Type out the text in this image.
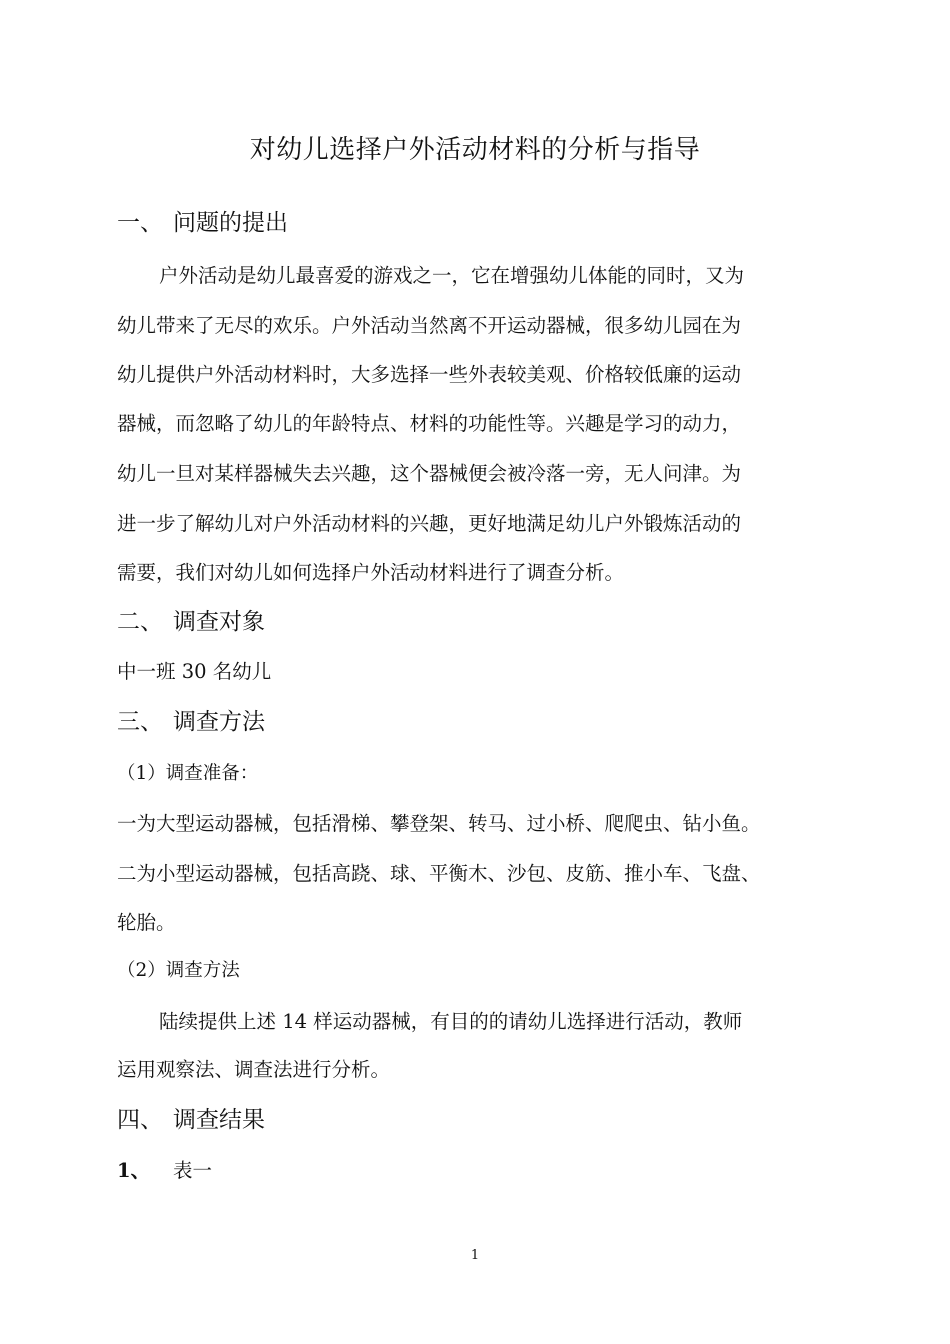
对幼儿选择户外活动材料的分析与指导
一、 问题的提出
户外活动是幼儿最喜爱的游戏之一，它在增强幼儿体能的同时，又为
幼儿带来了无尽的欢乐。户外活动当然离不开运动器械，很多幼儿园在为
幼儿提供户外活动材料时，大多选择一些外表较美观、价格较低廉的运动
器械，而忽略了幼儿的年龄特点、材料的功能性等。兴趣是学习的动力，
幼儿一旦对某样器械失去兴趣，这个器械便会被冷落一旁，无人问津。为
进一步了解幼儿对户外活动材料的兴趣，更好地满足幼儿户外锻炼活动的
需要，我们对幼儿如何选择户外活动材料进行了调查分析。
二、 调查对象
中一班 30 名幼儿
三、 调查方法
（1）调查准备：
一为大型运动器械，包括滑梯、攀登架、转马、过小桥、爬爬虫、钻小鱼。
二为小型运动器械，包括高跷、球、平衡木、沙包、皮筋、推小车、飞盘、
轮胎。
（2）调查方法
陆续提供上述 14 样运动器械，有目的的请幼儿选择进行活动，教师
运用观察法、调查法进行分析。
四、 调查结果
1、 表一
1
